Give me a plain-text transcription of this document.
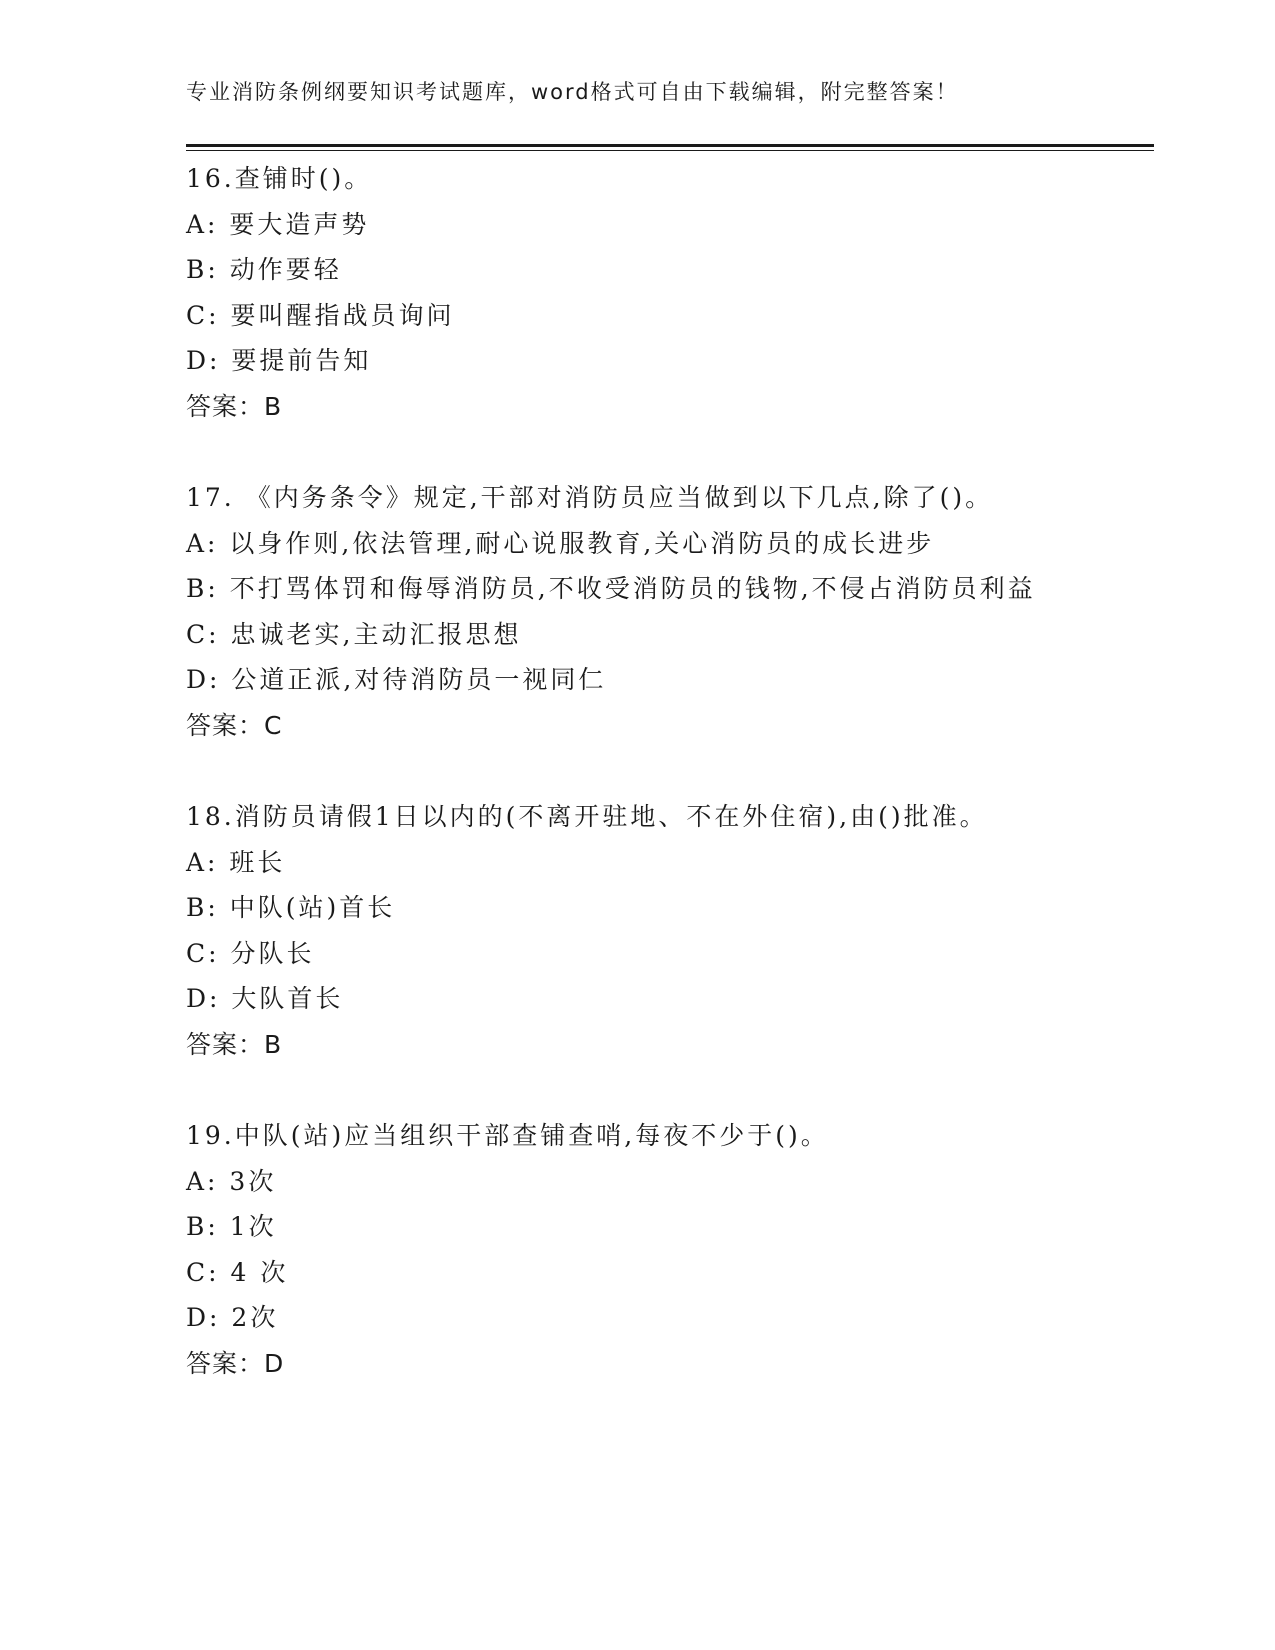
专业消防条例纲要知识考试题库，word格式可自由下载编辑，附完整答案！
16.查铺时()。
A: 要大造声势
B: 动作要轻
C: 要叫醒指战员询问
D: 要提前告知
答案：B
17. 《内务条令》规定,干部对消防员应当做到以下几点,除了()。
A: 以身作则,依法管理,耐心说服教育,关心消防员的成长进步
B: 不打骂体罚和侮辱消防员,不收受消防员的钱物,不侵占消防员利益
C: 忠诚老实,主动汇报思想
D: 公道正派,对待消防员一视同仁
答案：C
18.消防员请假1日以内的(不离开驻地、不在外住宿),由()批准。
A: 班长
B: 中队(站)首长
C: 分队长
D: 大队首长
答案：B
19.中队(站)应当组织干部查铺查哨,每夜不少于()。
A: 3次
B: 1次
C: 4 次
D: 2次
答案：D
